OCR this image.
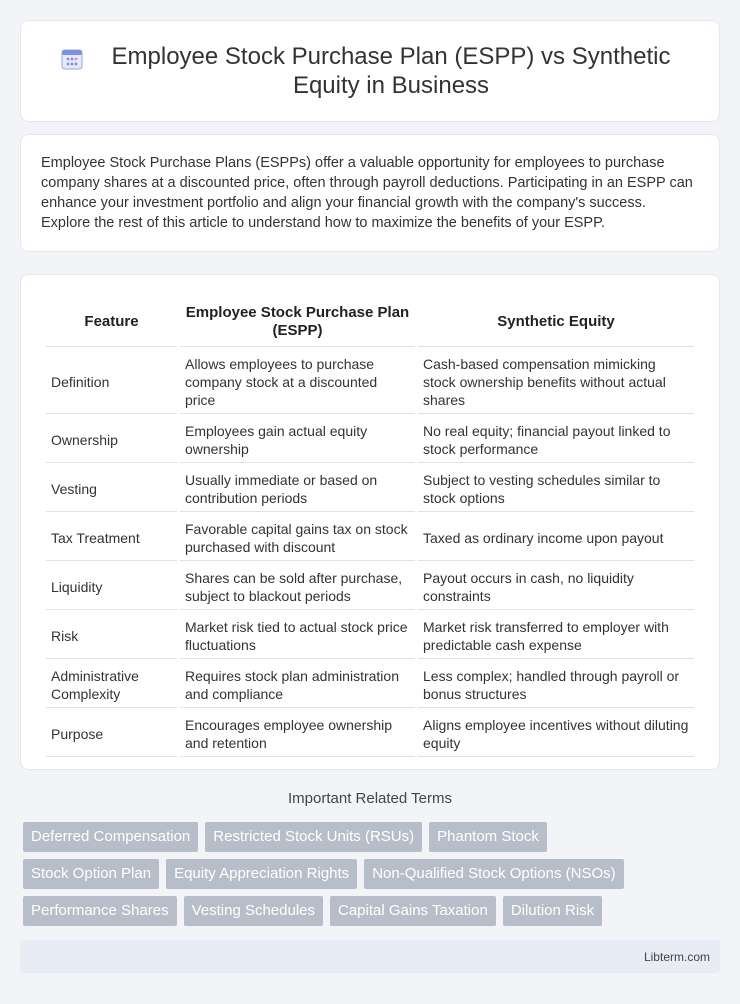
Employee Stock Purchase Plan (ESPP) vs Synthetic Equity in Business

Employee Stock Purchase Plans (ESPPs) offer a valuable opportunity for employees to purchase company shares at a discounted price, often through payroll deductions. Participating in an ESPP can enhance your investment portfolio and align your financial growth with the company's success. Explore the rest of this article to understand how to maximize the benefits of your ESPP.

Feature	Employee Stock Purchase Plan (ESPP)	Synthetic Equity
Definition	Allows employees to purchase company stock at a discounted price	Cash-based compensation mimicking stock ownership benefits without actual shares
Ownership	Employees gain actual equity ownership	No real equity; financial payout linked to stock performance
Vesting	Usually immediate or based on contribution periods	Subject to vesting schedules similar to stock options
Tax Treatment	Favorable capital gains tax on stock purchased with discount	Taxed as ordinary income upon payout
Liquidity	Shares can be sold after purchase, subject to blackout periods	Payout occurs in cash, no liquidity constraints
Risk	Market risk tied to actual stock price fluctuations	Market risk transferred to employer with predictable cash expense
Administrative Complexity	Requires stock plan administration and compliance	Less complex; handled through payroll or bonus structures
Purpose	Encourages employee ownership and retention	Aligns employee incentives without diluting equity
Important Related Terms
Deferred Compensation	Restricted Stock Units (RSUs)	Phantom Stock
Stock Option Plan	Equity Appreciation Rights	Non-Qualified Stock Options (NSOs)
Performance Shares	Vesting Schedules	Capital Gains Taxation	Dilution Risk
Libterm.com
